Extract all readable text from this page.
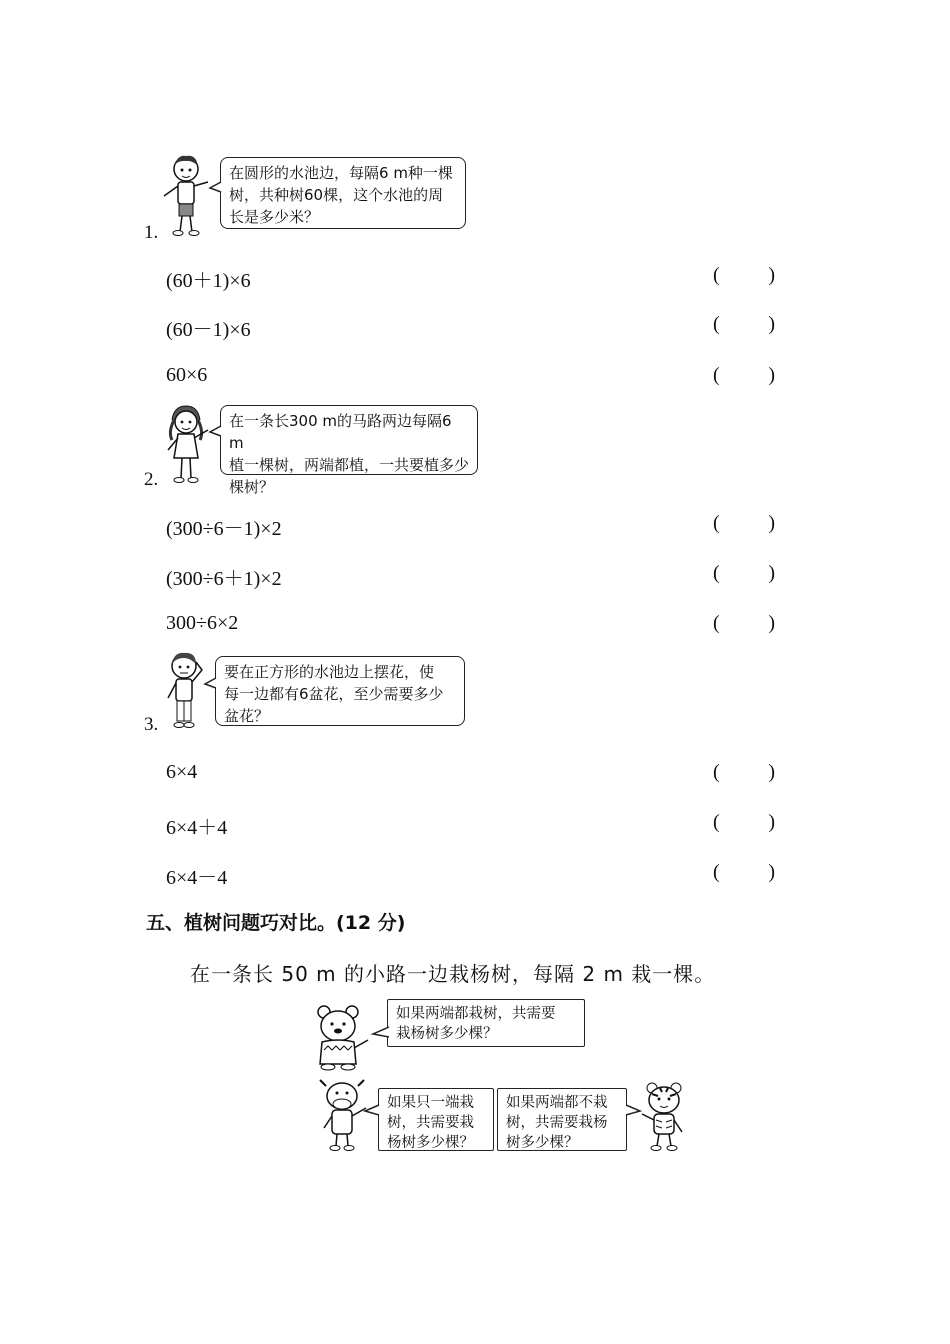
1.
在圆形的水池边，每隔6 m种一棵
树，共种树60棵，这个水池的周
长是多少米？
(60＋1)×6	( )
(60－1)×6	( )
60×6	( )
2.
在一条长300 m的马路两边每隔6 m
植一棵树，两端都植，一共要植多少
棵树？
(300÷6－1)×2	( )
(300÷6＋1)×2	( )
300÷6×2	( )
3.
要在正方形的水池边上摆花，使
每一边都有6盆花，至少需要多少
盆花？
6×4	( )
6×4＋4	( )
6×4－4	( )
五、植树问题巧对比。(12 分)
在一条长 50 m 的小路一边栽杨树，每隔 2 m 栽一棵。
如果两端都栽树，共需要
栽杨树多少棵？
如果只一端栽
树，共需要栽
杨树多少棵？
如果两端都不栽
树，共需要栽杨
树多少棵？
